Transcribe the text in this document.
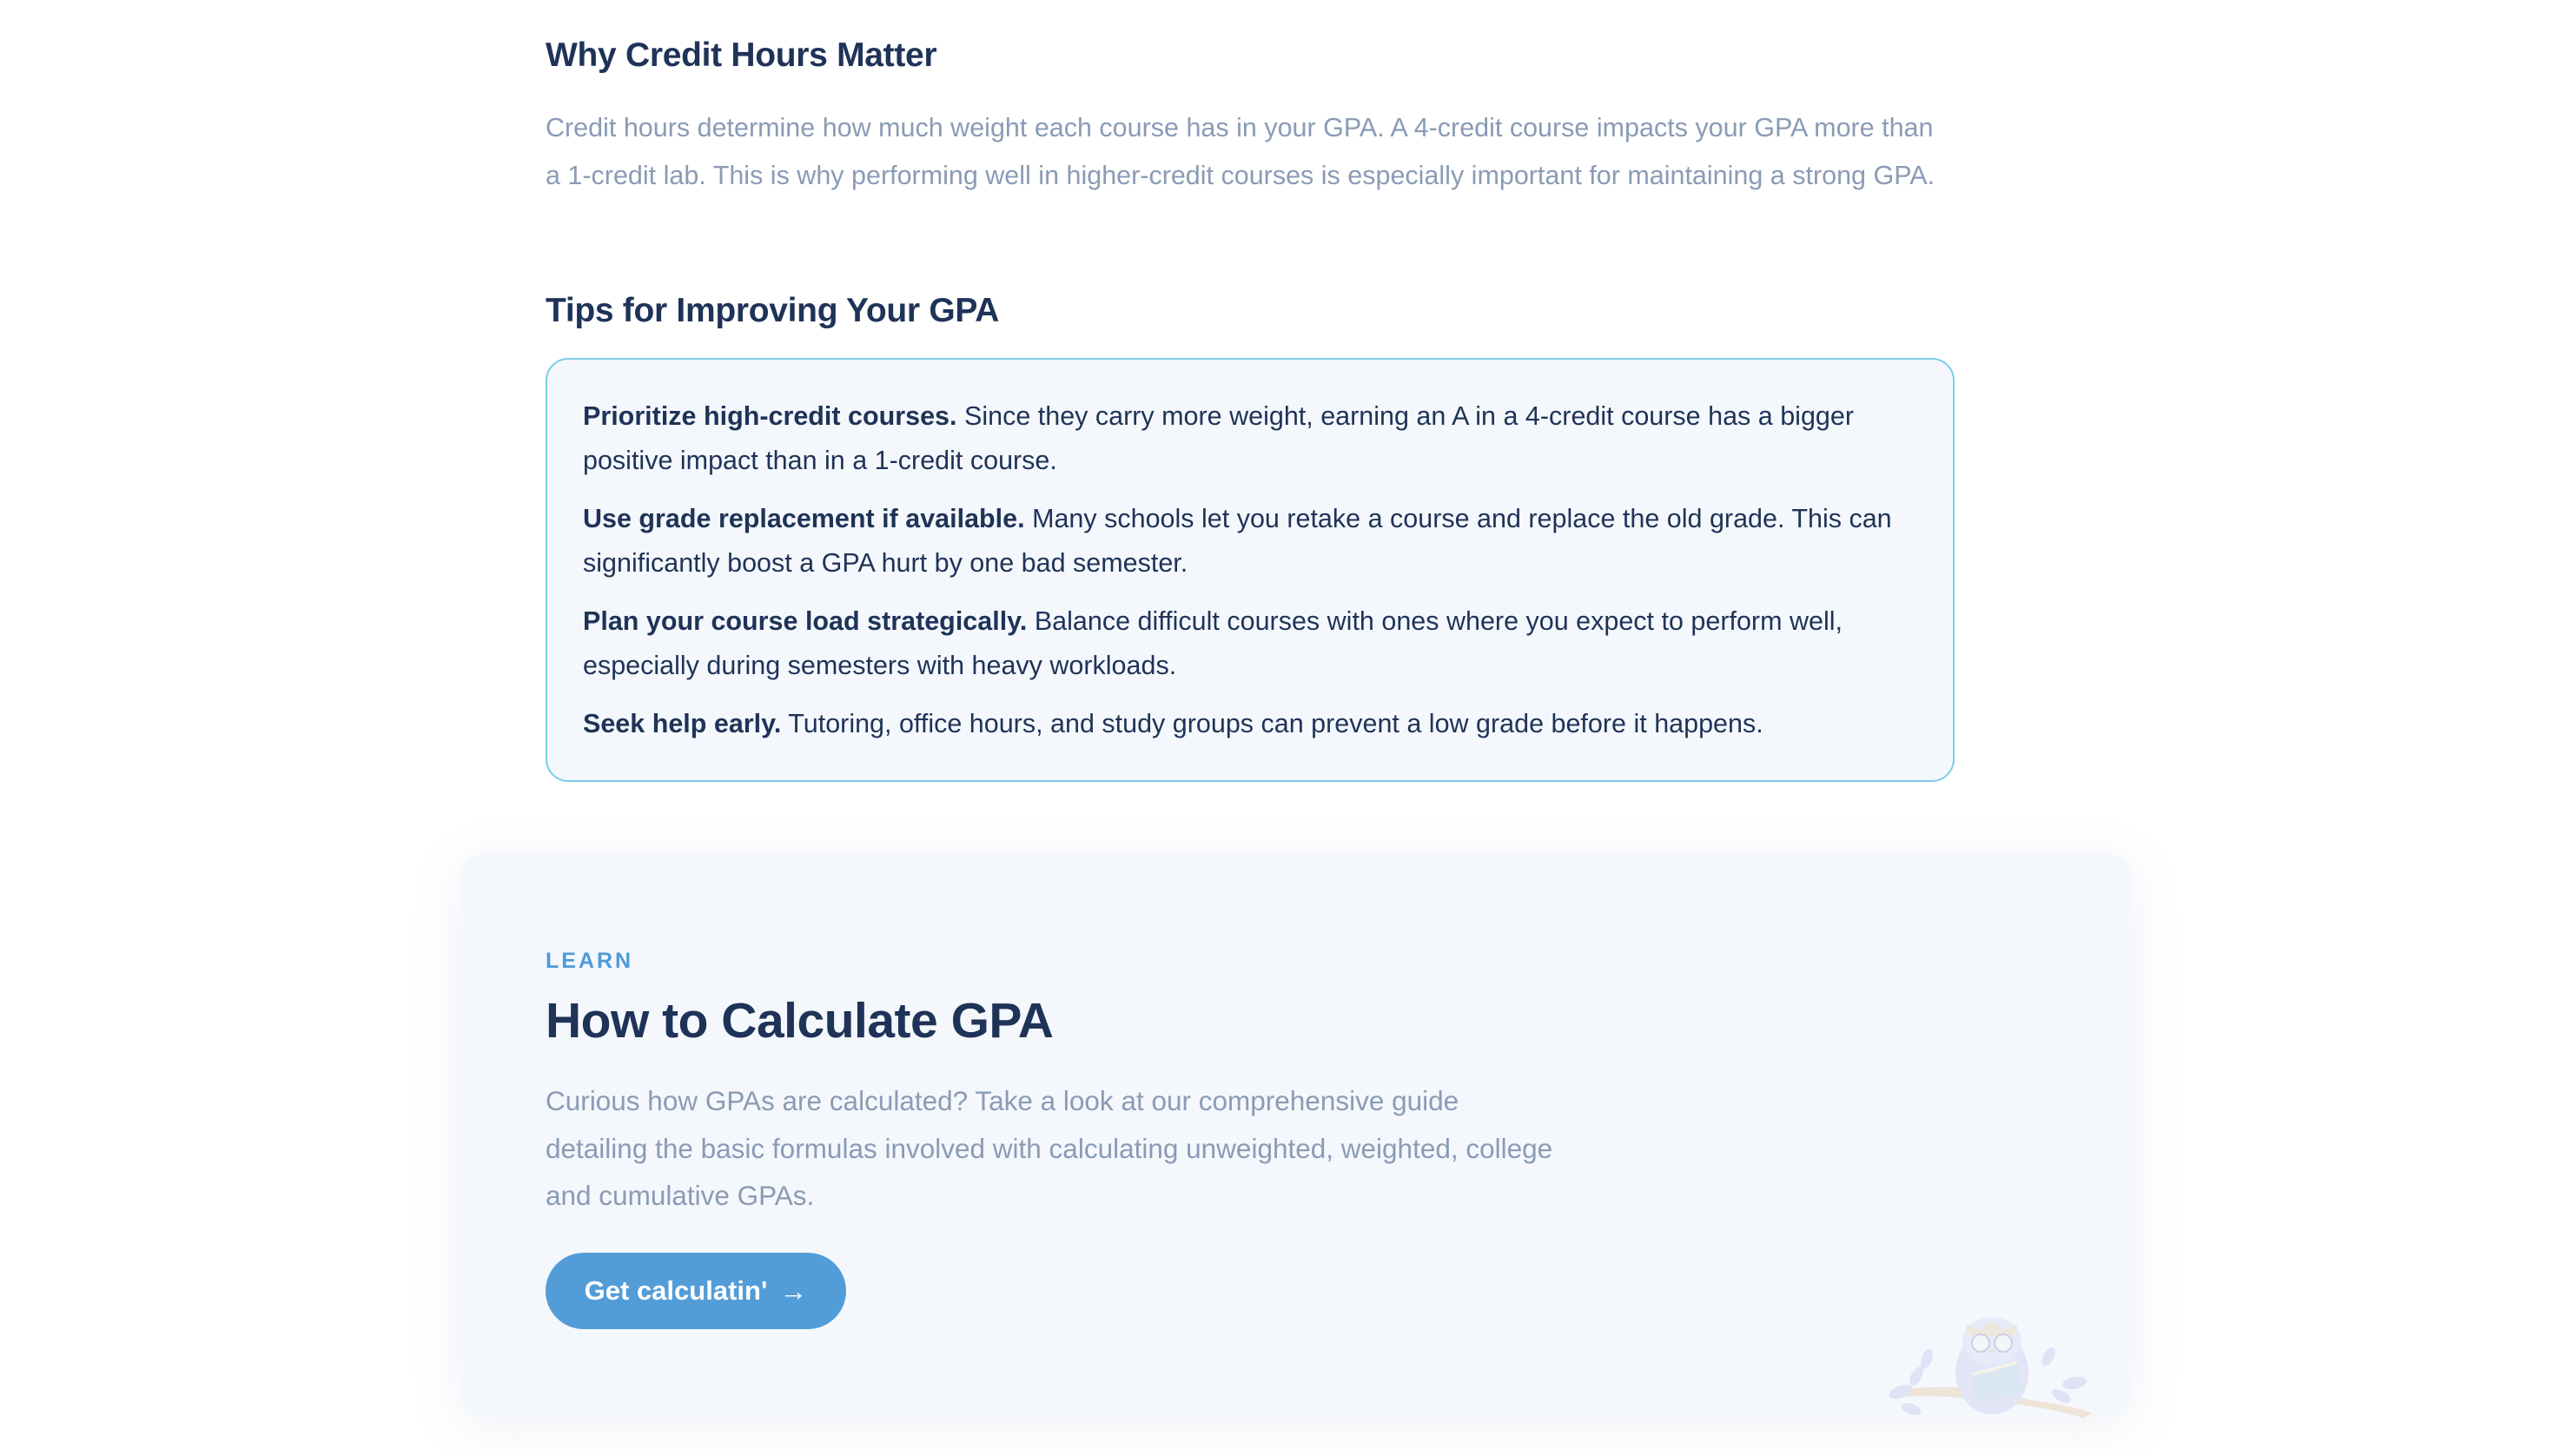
Why Credit Hours Matter

Credit hours determine how much weight each course has in your GPA. A 4-credit course impacts your GPA more than a 1-credit lab. This is why performing well in higher-credit courses is especially important for maintaining a strong GPA.

Tips for Improving Your GPA

Prioritize high-credit courses. Since they carry more weight, earning an A in a 4-credit course has a bigger positive impact than in a 1-credit course.

Use grade replacement if available. Many schools let you retake a course and replace the old grade. This can significantly boost a GPA hurt by one bad semester.

Plan your course load strategically. Balance difficult courses with ones where you expect to perform well, especially during semesters with heavy workloads.

Seek help early. Tutoring, office hours, and study groups can prevent a low grade before it happens.

LEARN
How to Calculate GPA

Curious how GPAs are calculated? Take a look at our comprehensive guide detailing the basic formulas involved with calculating unweighted, weighted, college and cumulative GPAs.

Get calculatin' →
